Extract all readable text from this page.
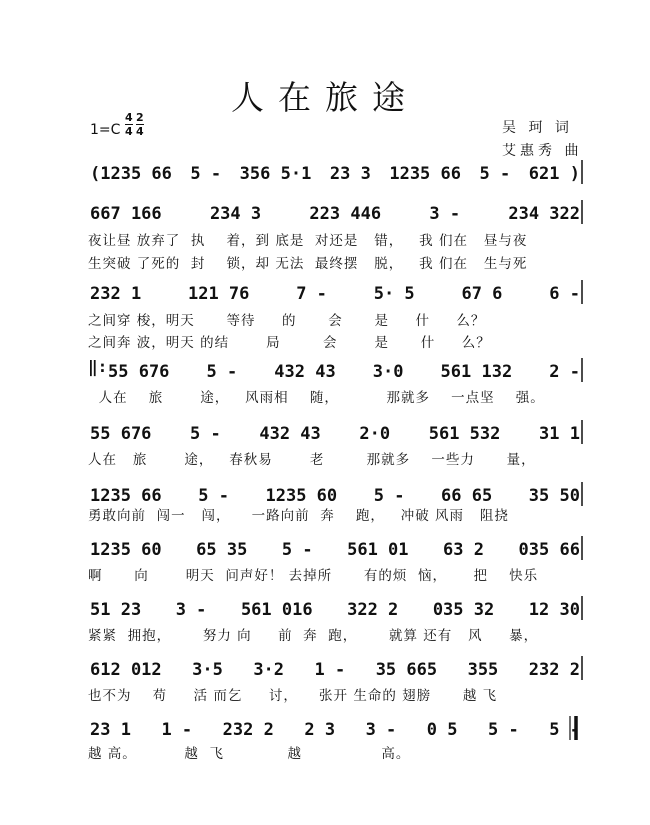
人在旅途
1=C
4
4
2
4	吴 珂 词
艾惠秀 曲
(1235 66 5 - 356 5·1 23 3 1235 66 5 - 621 )
667 166	234 3	223 446	3 -	234 322
夜让昼 放弃了  执    着，到 底是  对还是   错，   我 们在   昼与夜
生突破 了死的  封    锁，却 无法  最终摆   脱，   我 们在   生与死
232 1	121 76	7 -	5· 5	67 6	6 -
之间穿 梭，明天      等待     的      会      是     什     么？
之间奔 波，明天 的结       局        会       是      什     么？
‖: 55 676 5 - 432 43 3·0 561 132 2 -
人在    旅       途，   风雨相    随，         那就多    一点坚    强。
55 676 5 - 432 43 2·0 561 532 31 1
人在   旅       途，   春秋易       老        那就多    一些力      量，
1235 66 5 - 1235 60 5 - 66 65 35 50
勇敢向前  闯一   闯，    一路向前  奔    跑，   冲破 风雨   阻挠
1235 60 65 35 5 - 561 01 63 2 035 66
啊      向       明天  问声好！ 去掉所      有的烦  恼，     把    快乐
51 23 3 - 561 016 322 2 035 32 12 30
紧紧  拥抱，      努力 向     前  奔  跑，      就算 还有   风     暴，
612 012 3·5 3·2 1 - 35 665 355 232 2
也不为    苟     活 而乞     讨，    张开 生命的 翅膀      越 飞
23 1 1 - 232 2 2 3 3 - 0 5 5 - 5 -
越 高。         越  飞            越               高。
